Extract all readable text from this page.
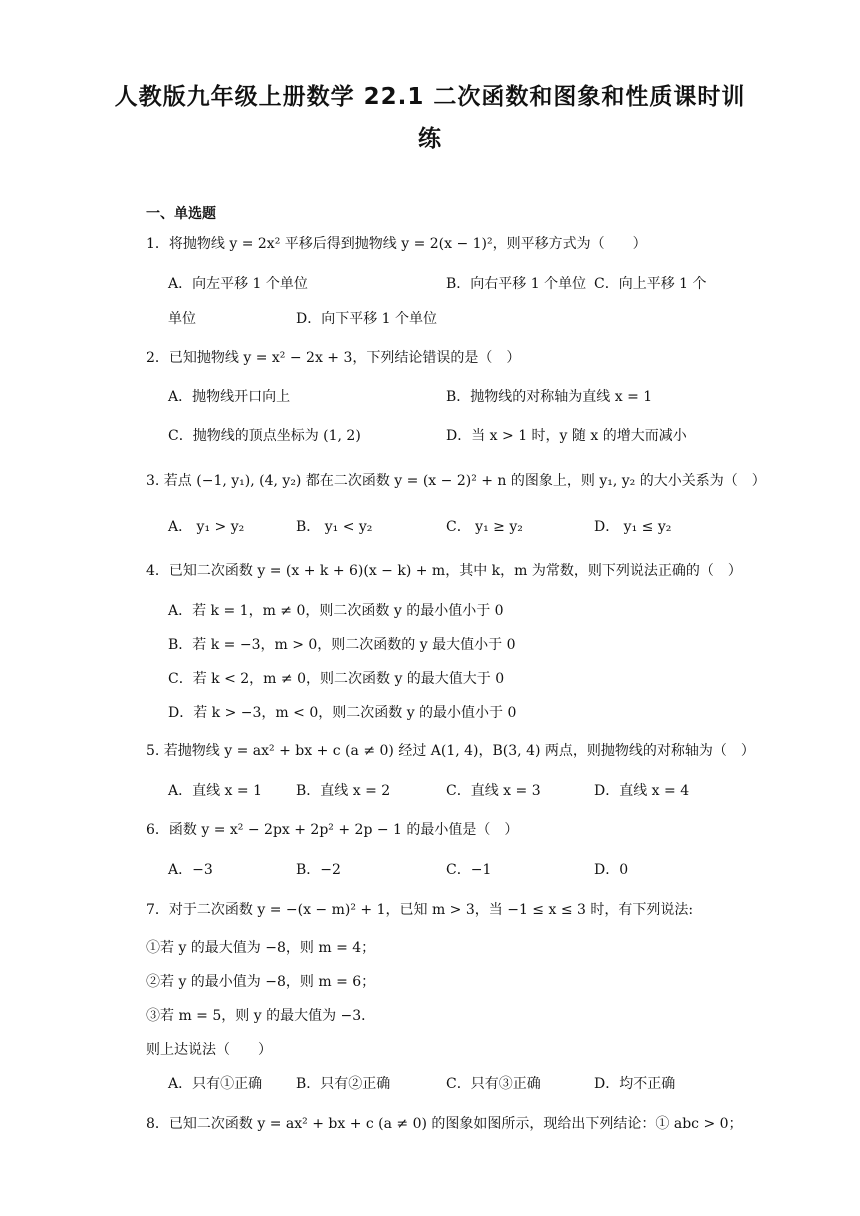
人教版九年级上册数学 22.1 二次函数和图象和性质课时训
练
一、单选题
1．将抛物线 y = 2x² 平移后得到抛物线 y = 2(x − 1)²，则平移方式为（　　）
A．向左平移 1 个单位	B．向右平移 1 个单位 C．向上平移 1 个
单位	D．向下平移 1 个单位
2．已知抛物线 y = x² − 2x + 3，下列结论错误的是（　）
A．抛物线开口向上	B．抛物线的对称轴为直线 x = 1
C．抛物线的顶点坐标为 (1, 2)	D．当 x > 1 时，y 随 x 的增大而减小
3. 若点 (−1, y₁), (4, y₂) 都在二次函数 y = (x − 2)² + n 的图象上，则 y₁, y₂ 的大小关系为（　）
A． y₁ > y₂	B． y₁ < y₂	C． y₁ ≥ y₂	D． y₁ ≤ y₂
4．已知二次函数 y = (x + k + 6)(x − k) + m，其中 k，m 为常数，则下列说法正确的（　）
A．若 k = 1，m ≠ 0，则二次函数 y 的最小值小于 0
B．若 k = −3，m > 0，则二次函数的 y 最大值小于 0
C．若 k < 2，m ≠ 0，则二次函数 y 的最大值大于 0
D．若 k > −3，m < 0，则二次函数 y 的最小值小于 0
5. 若抛物线 y = ax² + bx + c (a ≠ 0) 经过 A(1, 4)，B(3, 4) 两点，则抛物线的对称轴为（　）
A．直线 x = 1 B．直线 x = 2	C．直线 x = 3	D．直线 x = 4
6．函数 y = x² − 2px + 2p² + 2p − 1 的最小值是（　）
A．−3	B．−2	C．−1	D．0
7．对于二次函数 y = −(x − m)² + 1，已知 m > 3，当 −1 ≤ x ≤ 3 时，有下列说法:
①若 y 的最大值为 −8，则 m = 4；
②若 y 的最小值为 −8，则 m = 6；
③若 m = 5，则 y 的最大值为 −3．
则上达说法（　　）
A．只有①正确 B．只有②正确	C．只有③正确	D．均不正确
8．已知二次函数 y = ax² + bx + c (a ≠ 0) 的图象如图所示，现给出下列结论：① abc > 0；
